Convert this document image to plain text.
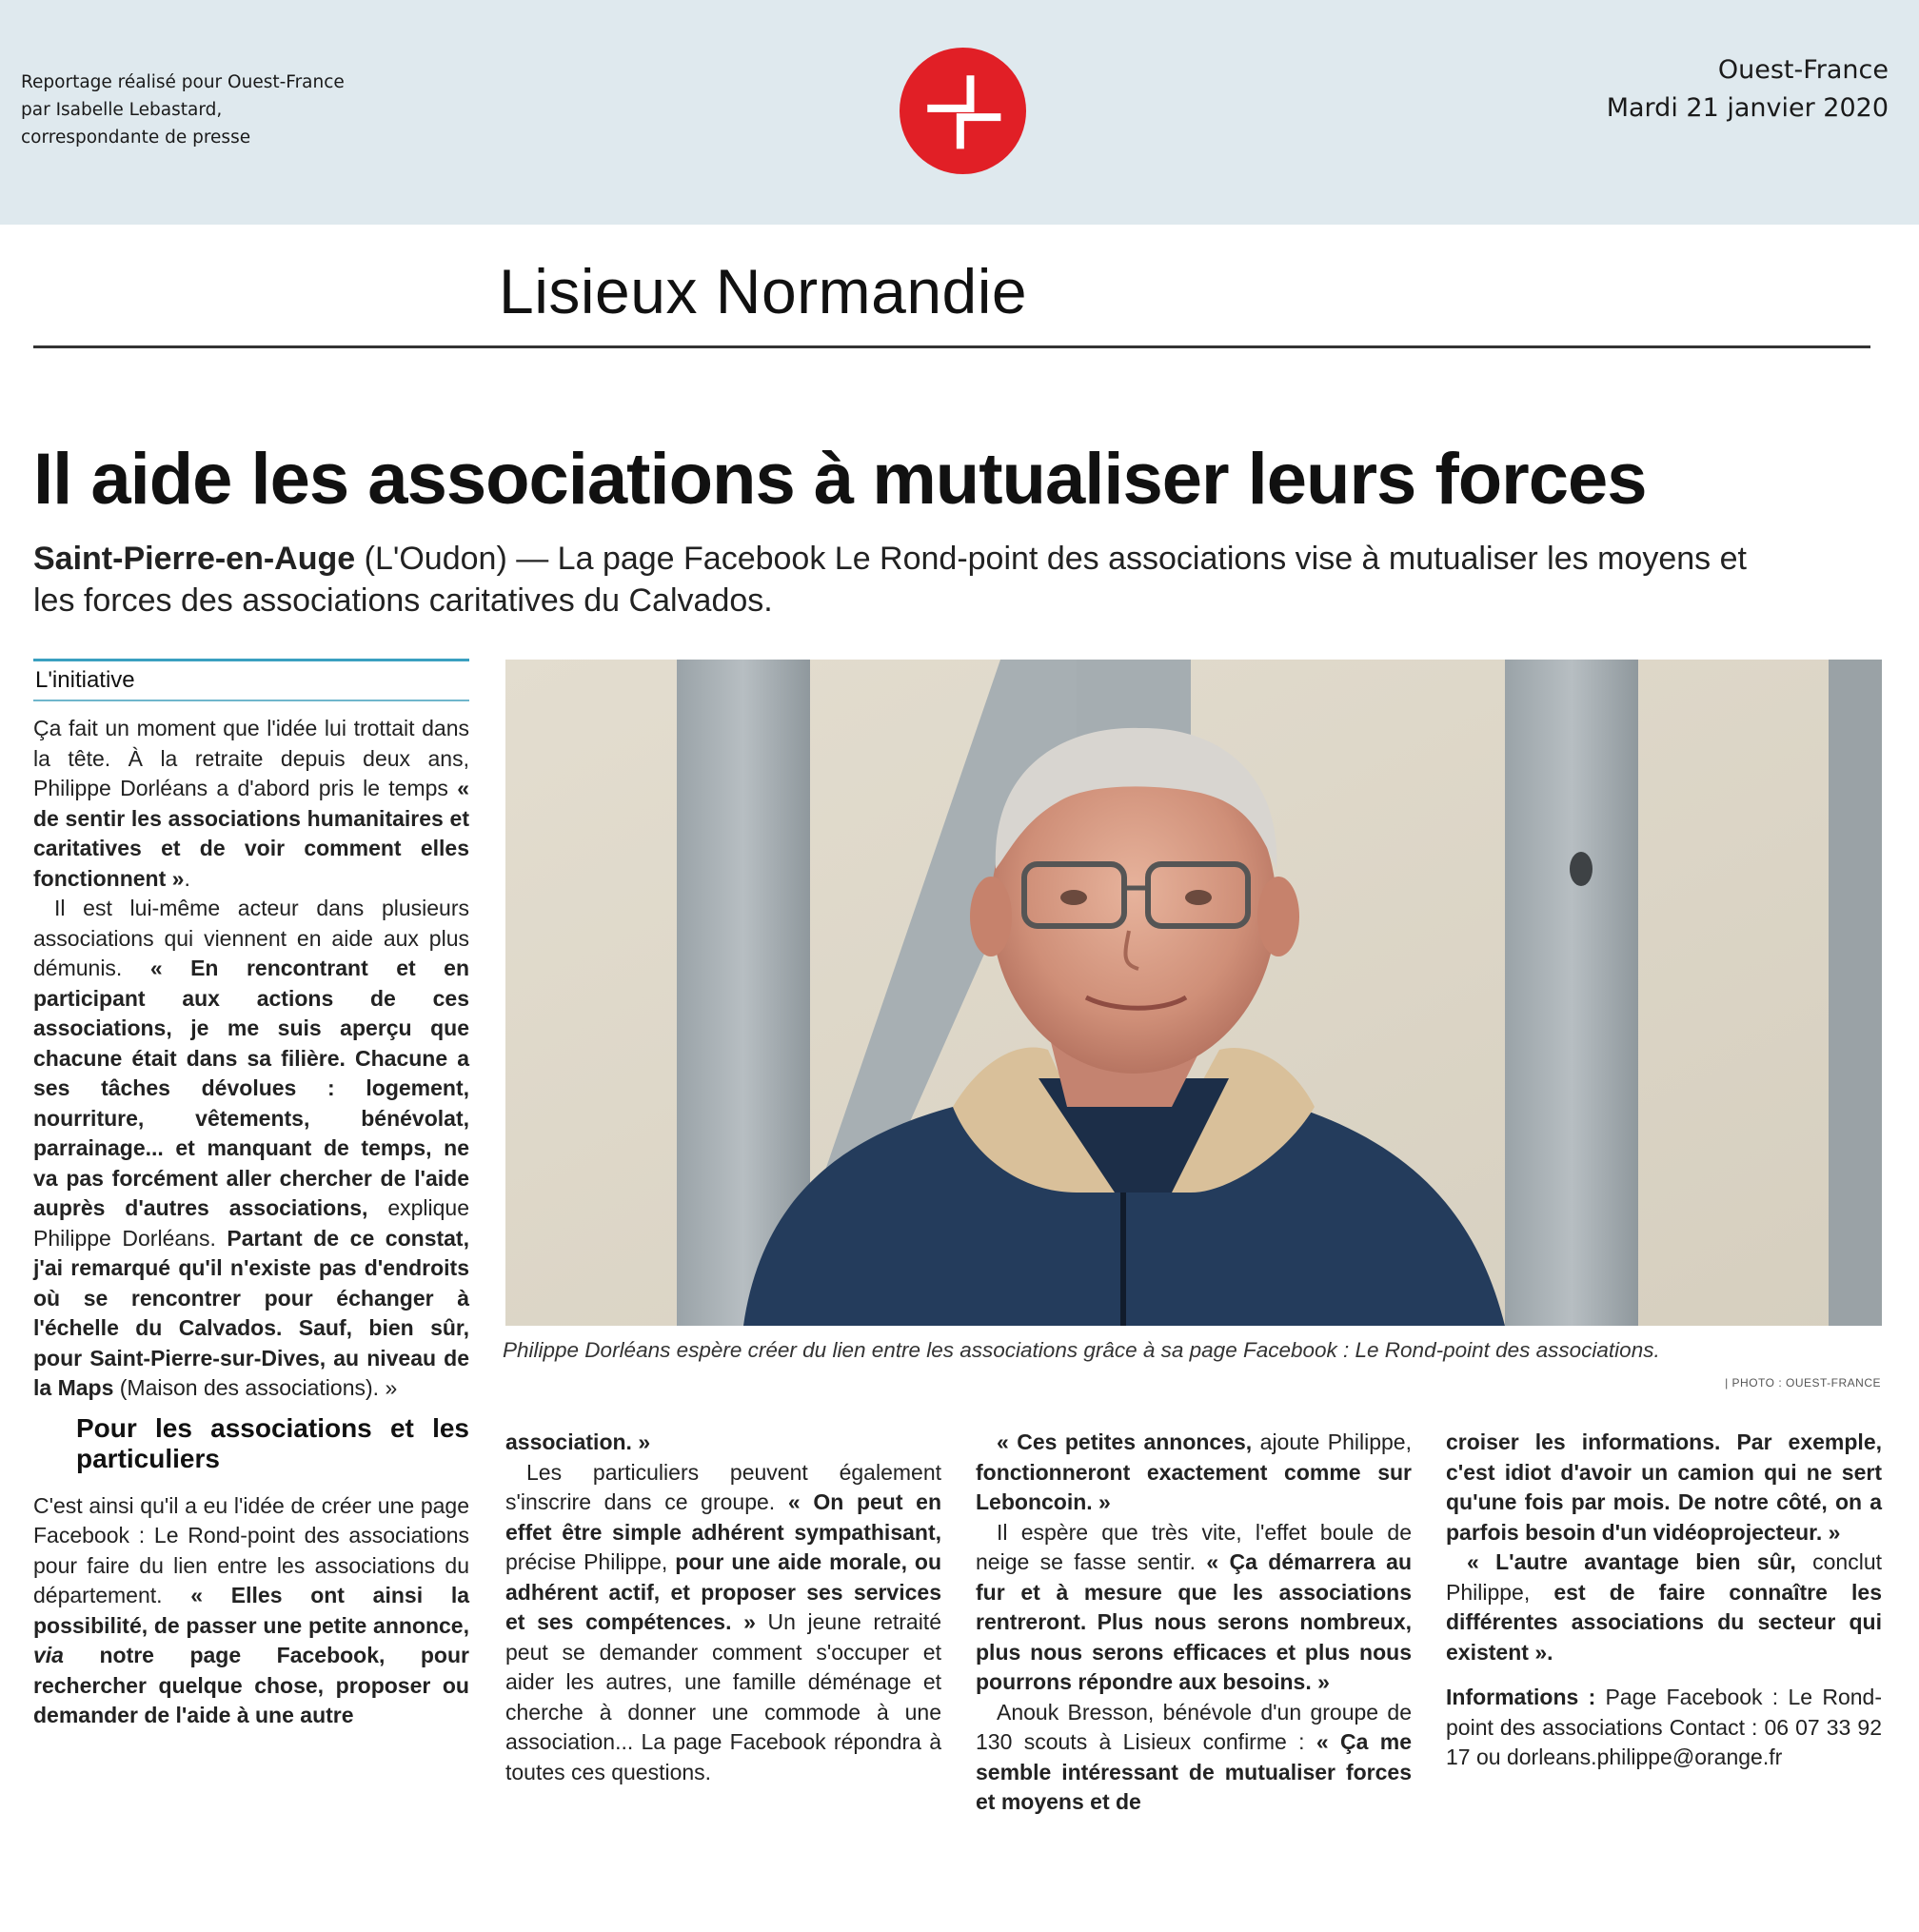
Reportage réalisé pour Ouest-France
par Isabelle Lebastard,
correspondante de presse
Ouest-France
Mardi 21 janvier 2020
Lisieux Normandie
Il aide les associations à mutualiser leurs forces
Saint-Pierre-en-Auge (L'Oudon) — La page Facebook Le Rond-point des associations vise à mutualiser les moyens et les forces des associations caritatives du Calvados.
L'initiative

Ça fait un moment que l'idée lui trottait dans la tête. À la retraite depuis deux ans, Philippe Dorléans a d'abord pris le temps « de sentir les associations humanitaires et caritatives et de voir comment elles fonctionnent ».

Il est lui-même acteur dans plusieurs associations qui viennent en aide aux plus démunis. « En rencontrant et en participant aux actions de ces associations, je me suis aperçu que chacune était dans sa filière. Chacune a ses tâches dévolues : logement, nourriture, vêtements, bénévolat, parrainage... et manquant de temps, ne va pas forcément aller chercher de l'aide auprès d'autres associations, explique Philippe Dorléans. Partant de ce constat, j'ai remarqué qu'il n'existe pas d'endroits où se rencontrer pour échanger à l'échelle du Calvados. Sauf, bien sûr, pour Saint-Pierre-sur-Dives, au niveau de la Maps (Maison des associations). »

Pour les associations et les particuliers

C'est ainsi qu'il a eu l'idée de créer une page Facebook : Le Rond-point des associations pour faire du lien entre les associations du département. « Elles ont ainsi la possibilité, de passer une petite annonce, via notre page Facebook, pour rechercher quelque chose, proposer ou demander de l'aide à une autre

Philippe Dorléans espère créer du lien entre les associations grâce à sa page Facebook : Le Rond-point des associations.
| PHOTO : OUEST-FRANCE

association. »

Les particuliers peuvent également s'inscrire dans ce groupe. « On peut en effet être simple adhérent sympathisant, précise Philippe, pour une aide morale, ou adhérent actif, et proposer ses services et ses compétences. » Un jeune retraité peut se demander comment s'occuper et aider les autres, une famille déménage et cherche à donner une commode à une association... La page Facebook répondra à toutes ces questions.

« Ces petites annonces, ajoute Philippe, fonctionneront exactement comme sur Leboncoin. »

Il espère que très vite, l'effet boule de neige se fasse sentir. « Ça démarrera au fur et à mesure que les associations rentreront. Plus nous serons nombreux, plus nous serons efficaces et plus nous pourrons répondre aux besoins. »

Anouk Bresson, bénévole d'un groupe de 130 scouts à Lisieux confirme : « Ça me semble intéressant de mutualiser forces et moyens et de

croiser les informations. Par exemple, c'est idiot d'avoir un camion qui ne sert qu'une fois par mois. De notre côté, on a parfois besoin d'un vidéoprojecteur. »

« L'autre avantage bien sûr, conclut Philippe, est de faire connaître les différentes associations du secteur qui existent ».

Informations : Page Facebook : Le Rond-point des associations Contact : 06 07 33 92 17 ou dorleans.philippe@orange.fr
